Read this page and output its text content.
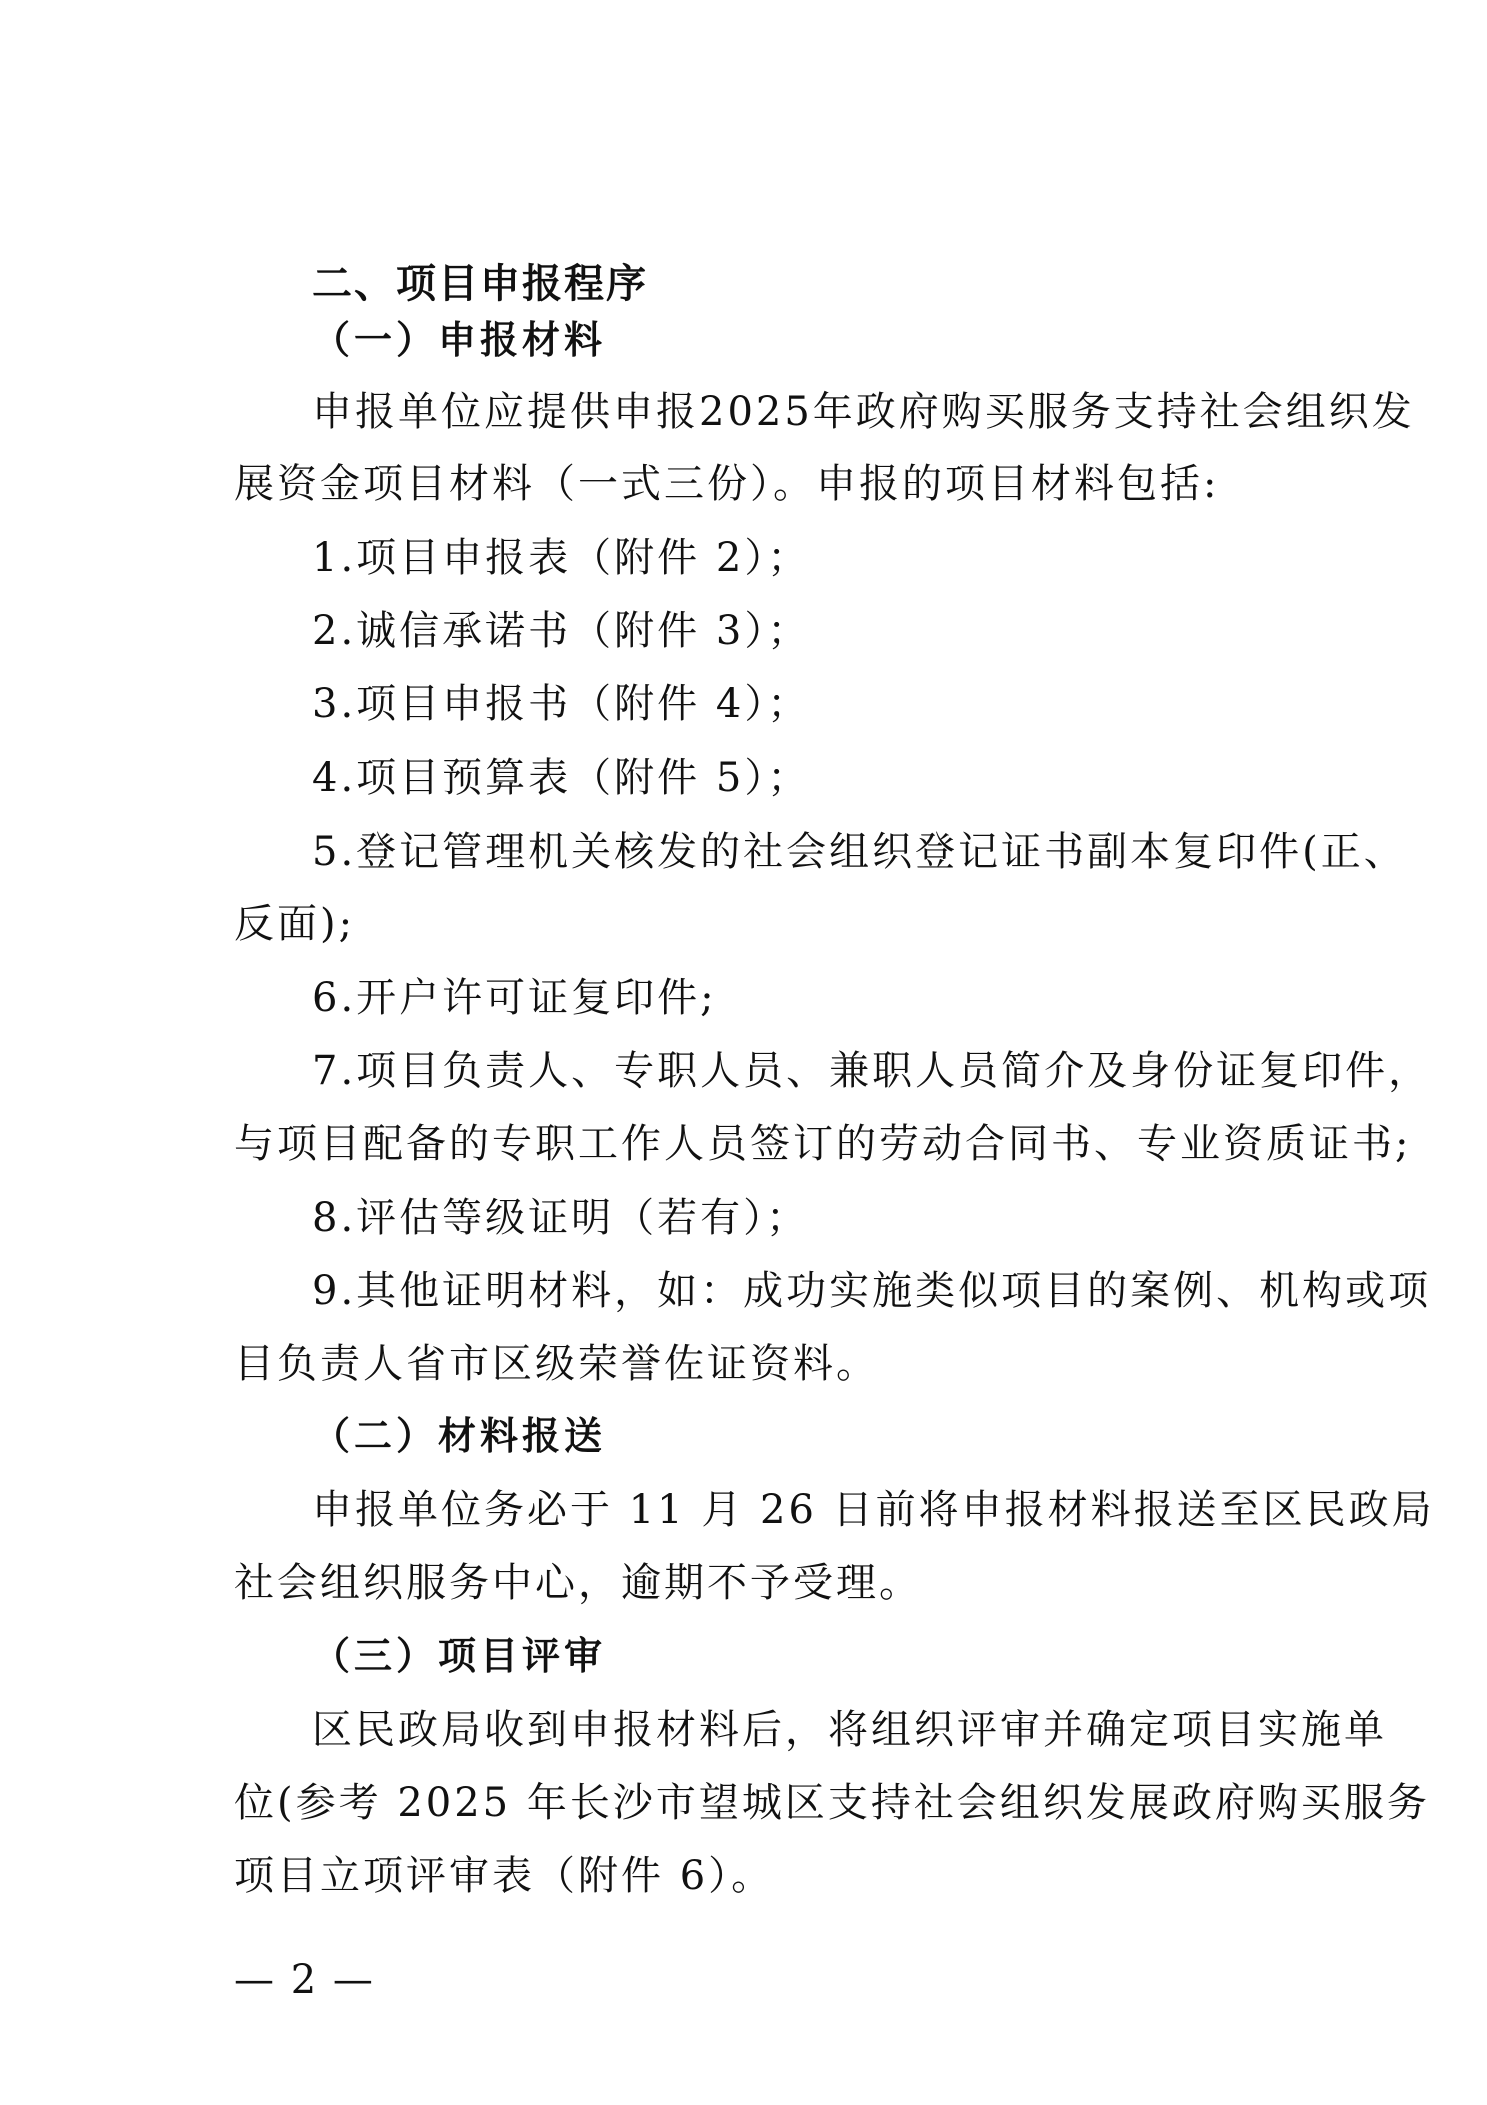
二、项目申报程序
（一）申报材料
申报单位应提供申报2025年政府购买服务支持社会组织发
展资金项目材料（一式三份）。申报的项目材料包括:
1.项目申报表（附件 2）；
2.诚信承诺书（附件 3）；
3.项目申报书（附件 4）；
4.项目预算表（附件 5）；
5.登记管理机关核发的社会组织登记证书副本复印件(正、
反面);
6.开户许可证复印件;
7.项目负责人、专职人员、兼职人员简介及身份证复印件，
与项目配备的专职工作人员签订的劳动合同书、专业资质证书;
8.评估等级证明（若有）；
9.其他证明材料，如：成功实施类似项目的案例、机构或项
目负责人省市区级荣誉佐证资料。
（二）材料报送
申报单位务必于 11 月 26 日前将申报材料报送至区民政局
社会组织服务中心，逾期不予受理。
（三）项目评审
区民政局收到申报材料后，将组织评审并确定项目实施单
位(参考 2025 年长沙市望城区支持社会组织发展政府购买服务
项目立项评审表（附件 6）。
— 2 —
